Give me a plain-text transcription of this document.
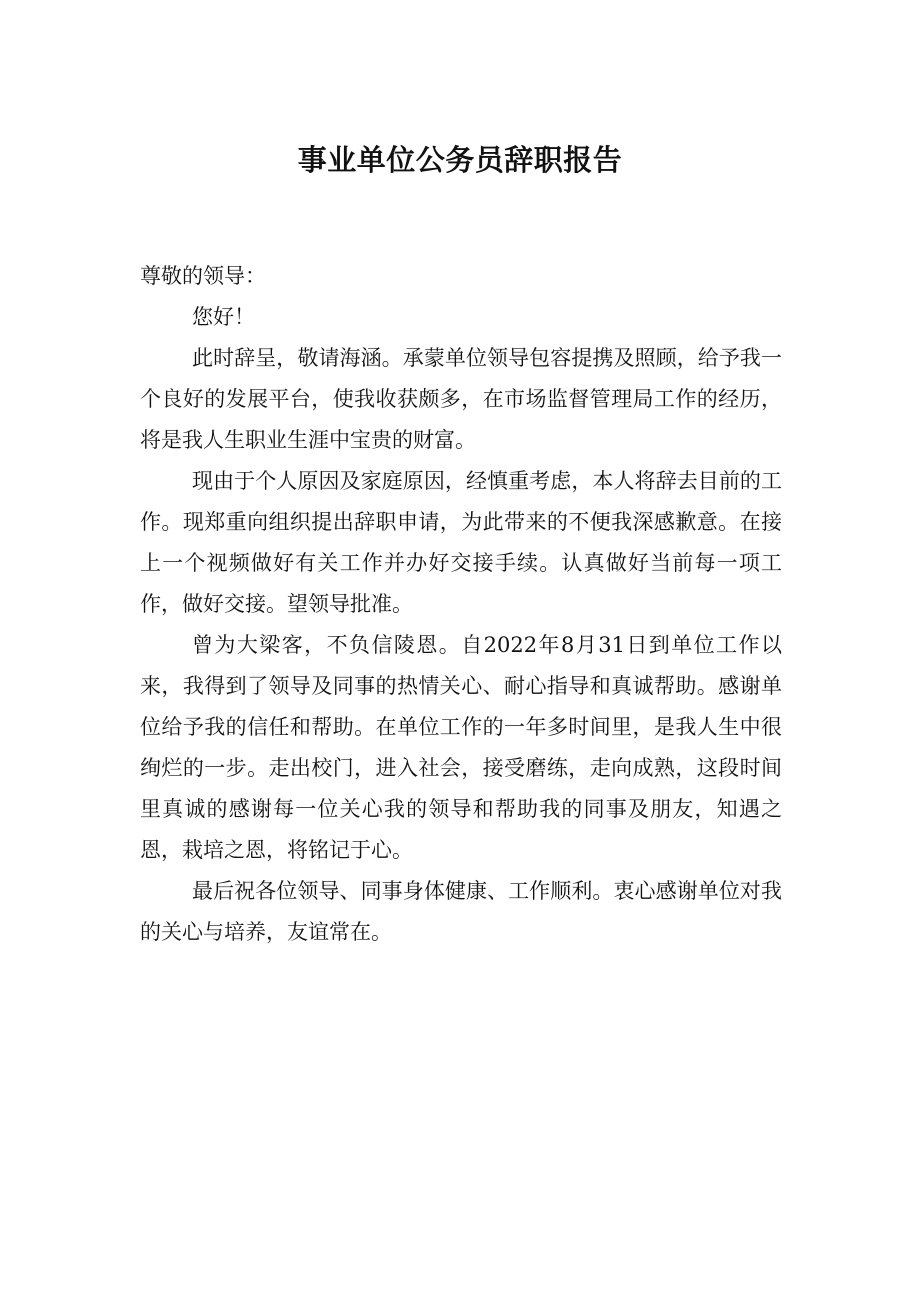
事业单位公务员辞职报告

尊敬的领导：

您好！

此时辞呈，敬请海涵。承蒙单位领导包容提携及照顾，给予我一个良好的发展平台，使我收获颇多，在市场监督管理局工作的经历，将是我人生职业生涯中宝贵的财富。

现由于个人原因及家庭原因，经慎重考虑，本人将辞去目前的工作。现郑重向组织提出辞职申请，为此带来的不便我深感歉意。在接上一个视频做好有关工作并办好交接手续。认真做好当前每一项工作，做好交接。望领导批准。

曾为大梁客，不负信陵恩。自2022年8月31日到单位工作以来，我得到了领导及同事的热情关心、耐心指导和真诚帮助。感谢单位给予我的信任和帮助。在单位工作的一年多时间里，是我人生中很绚烂的一步。走出校门，进入社会，接受磨练，走向成熟，这段时间里真诚的感谢每一位关心我的领导和帮助我的同事及朋友，知遇之恩，栽培之恩，将铭记于心。

最后祝各位领导、同事身体健康、工作顺利。衷心感谢单位对我的关心与培养，友谊常在。
